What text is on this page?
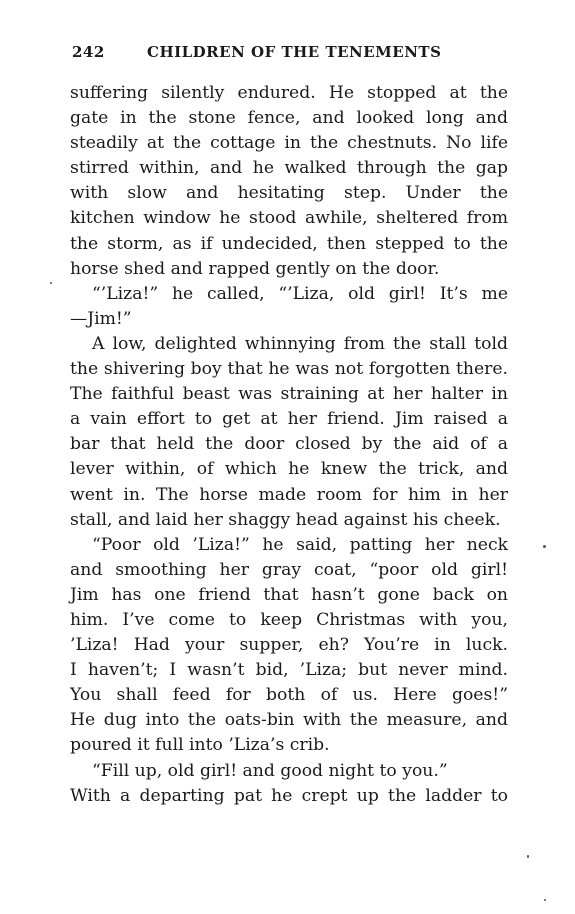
242	CHILDREN OF THE TENEMENTS
suffering silently endured. He stopped at the
gate in the stone fence, and looked long and
steadily at the cottage in the chestnuts. No life
stirred within, and he walked through the gap
with slow and hesitating step. Under the
kitchen window he stood awhile, sheltered from
the storm, as if undecided, then stepped to the
horse shed and rapped gently on the door.
“’Liza!” he called, “’Liza, old girl! It’s me
—Jim!”
A low, delighted whinnying from the stall told
the shivering boy that he was not forgotten there.
The faithful beast was straining at her halter in
a vain effort to get at her friend. Jim raised a
bar that held the door closed by the aid of a
lever within, of which he knew the trick, and
went in. The horse made room for him in her
stall, and laid her shaggy head against his cheek.
“Poor old ’Liza!” he said, patting her neck
and smoothing her gray coat, “poor old girl!
Jim has one friend that hasn’t gone back on
him. I’ve come to keep Christmas with you,
’Liza! Had your supper, eh? You’re in luck.
I haven’t; I wasn’t bid, ’Liza; but never mind.
You shall feed for both of us. Here goes!”
He dug into the oats-bin with the measure, and
poured it full into ’Liza’s crib.
“Fill up, old girl! and good night to you.”
With a departing pat he crept up the ladder to
